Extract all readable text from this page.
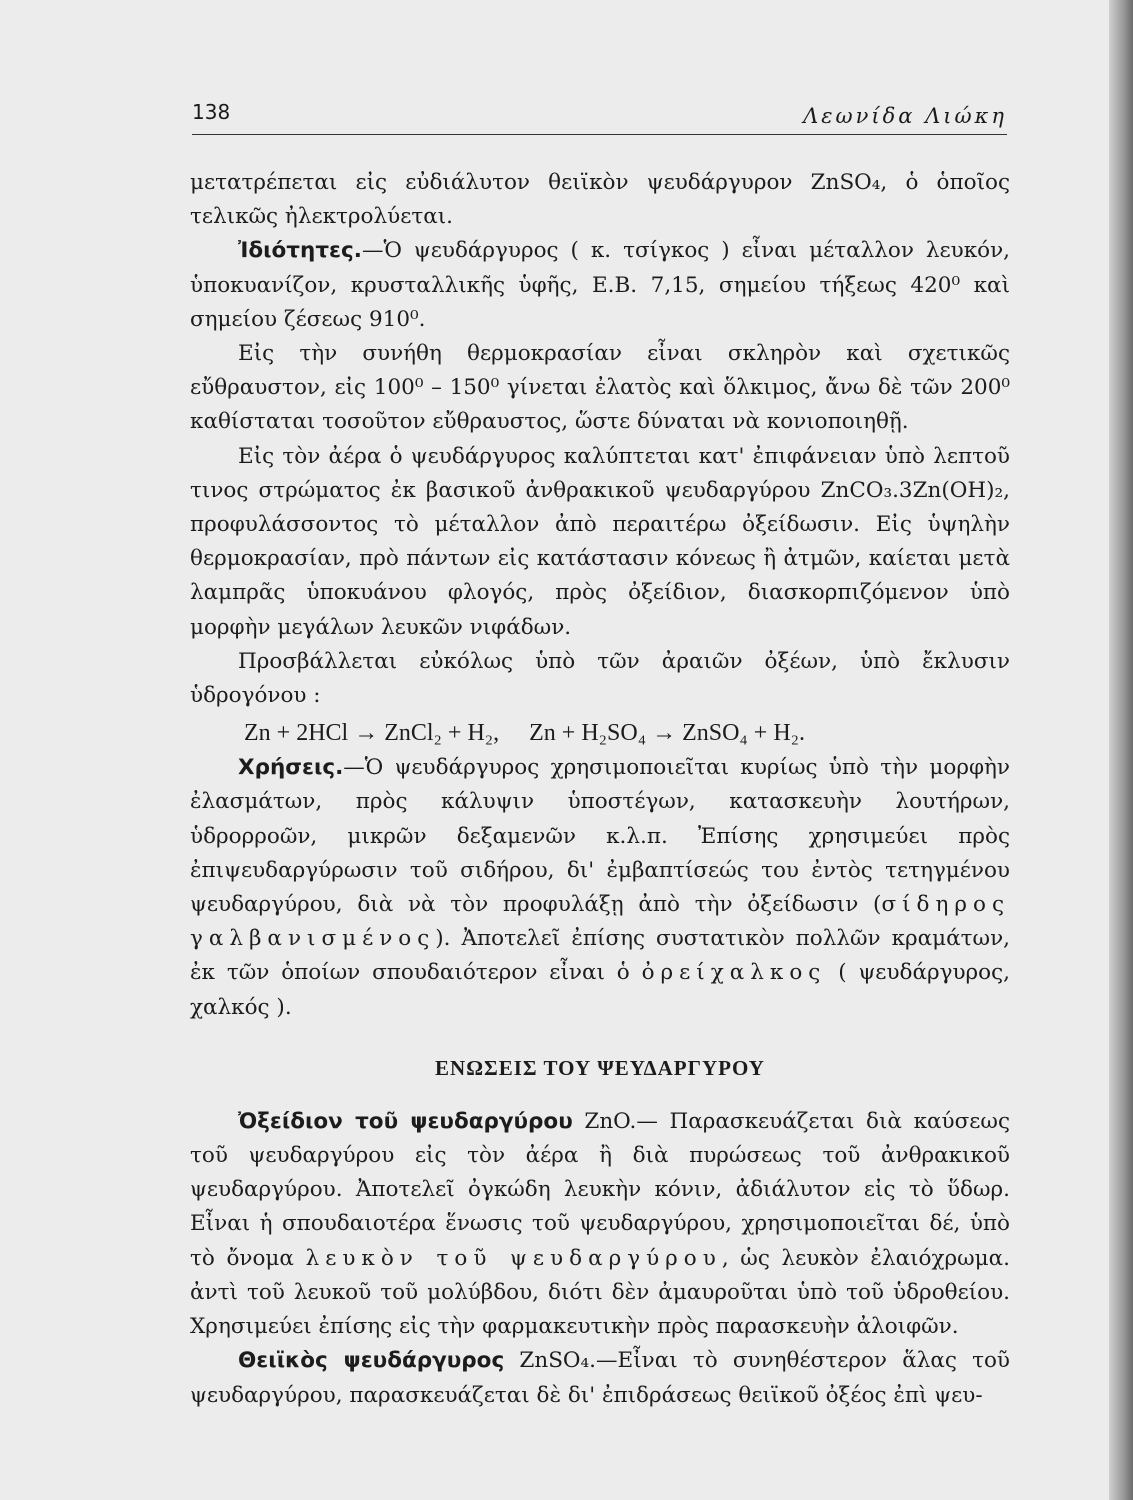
138	Λεωνίδα Λιώκη

μετατρέπεται εἰς εὐδιάλυτον θειϊκὸν ψευδάργυρον ZnSO₄, ὁ ὁποῖος τελικῶς ἠλεκτρολύεται.

Ἰδιότητες.—Ὁ ψευδάργυρος ( κ. τσίγκος ) εἶναι μέταλλον λευκόν, ὑποκυανίζον, κρυσταλλικῆς ὑφῆς, Ε.Β. 7,15, σημείου τήξεως 420⁰ καὶ σημείου ζέσεως 910⁰.

Εἰς τὴν συνήθη θερμοκρασίαν εἶναι σκληρὸν καὶ σχετικῶς εὔθραυστον, εἰς 100⁰ – 150⁰ γίνεται ἐλατὸς καὶ ὅλκιμος, ἄνω δὲ τῶν 200⁰ καθίσταται τοσοῦτον εὔθραυστος, ὥστε δύναται νὰ κονιοποιηθῇ.

Εἰς τὸν ἀέρα ὁ ψευδάργυρος καλύπτεται κατ' ἐπιφάνειαν ὑπὸ λεπτοῦ τινος στρώματος ἐκ βασικοῦ ἀνθρακικοῦ ψευδαργύρου ZnCO₃.3Zn(OH)₂, προφυλάσσοντος τὸ μέταλλον ἀπὸ περαιτέρω ὀξείδωσιν. Εἰς ὑψηλὴν θερμοκρασίαν, πρὸ πάντων εἰς κατάστασιν κόνεως ἢ ἀτμῶν, καίεται μετὰ λαμπρᾶς ὑποκυάνου φλογός, πρὸς ὀξείδιον, διασκορπιζόμενον ὑπὸ μορφὴν μεγάλων λευκῶν νιφάδων.

Προσβάλλεται εὐκόλως ὑπὸ τῶν ἀραιῶν ὀξέων, ὑπὸ ἔκλυσιν ὑδρογόνου :

Zn + 2HCl → ZnCl₂ + H₂,     Zn + H₂SO₄ → ZnSO₄ + H₂.

Χρήσεις.—Ὁ ψευδάργυρος χρησιμοποιεῖται κυρίως ὑπὸ τὴν μορφὴν ἐλασμάτων, πρὸς κάλυψιν ὑποστέγων, κατασκευὴν λουτήρων, ὑδρορροῶν, μικρῶν δεξαμενῶν κ.λ.π. Ἐπίσης χρησιμεύει πρὸς ἐπιψευδαργύρωσιν τοῦ σιδήρου, δι' ἐμβαπτίσεώς του ἐντὸς τετηγμένου ψευδαργύρου, διὰ νὰ τὸν προφυλάξῃ ἀπὸ τὴν ὀξείδωσιν (σίδηρος γαλβανισμένος). Ἀποτελεῖ ἐπίσης συστατικὸν πολλῶν κραμάτων, ἐκ τῶν ὁποίων σπουδαιότερον εἶναι ὁ ὀρείχαλκος ( ψευδάργυρος, χαλκός ).

ΕΝΩΣΕΙΣ ΤΟΥ ΨΕΥΔΑΡΓΥΡΟΥ

Ὀξείδιον τοῦ ψευδαργύρου ZnO.— Παρασκευάζεται διὰ καύσεως τοῦ ψευδαργύρου εἰς τὸν ἀέρα ἢ διὰ πυρώσεως τοῦ ἀνθρακικοῦ ψευδαργύρου. Ἀποτελεῖ ὀγκώδη λευκὴν κόνιν, ἀδιάλυτον εἰς τὸ ὕδωρ. Εἶναι ἡ σπουδαιοτέρα ἕνωσις τοῦ ψευδαργύρου, χρησιμοποιεῖται δέ, ὑπὸ τὸ ὄνομα λευκὸν τοῦ ψευδαργύρου, ὡς λευκὸν ἐλαιόχρωμα. ἀντὶ τοῦ λευκοῦ τοῦ μολύβδου, διότι δὲν ἀμαυροῦται ὑπὸ τοῦ ὑδροθείου. Χρησιμεύει ἐπίσης εἰς τὴν φαρμακευτικὴν πρὸς παρασκευὴν ἀλοιφῶν.

Θειϊκὸς ψευδάργυρος ZnSO₄.—Εἶναι τὸ συνηθέστερον ἅλας τοῦ ψευδαργύρου, παρασκευάζεται δὲ δι' ἐπιδράσεως θειϊκοῦ ὀξέος ἐπὶ ψευ-
